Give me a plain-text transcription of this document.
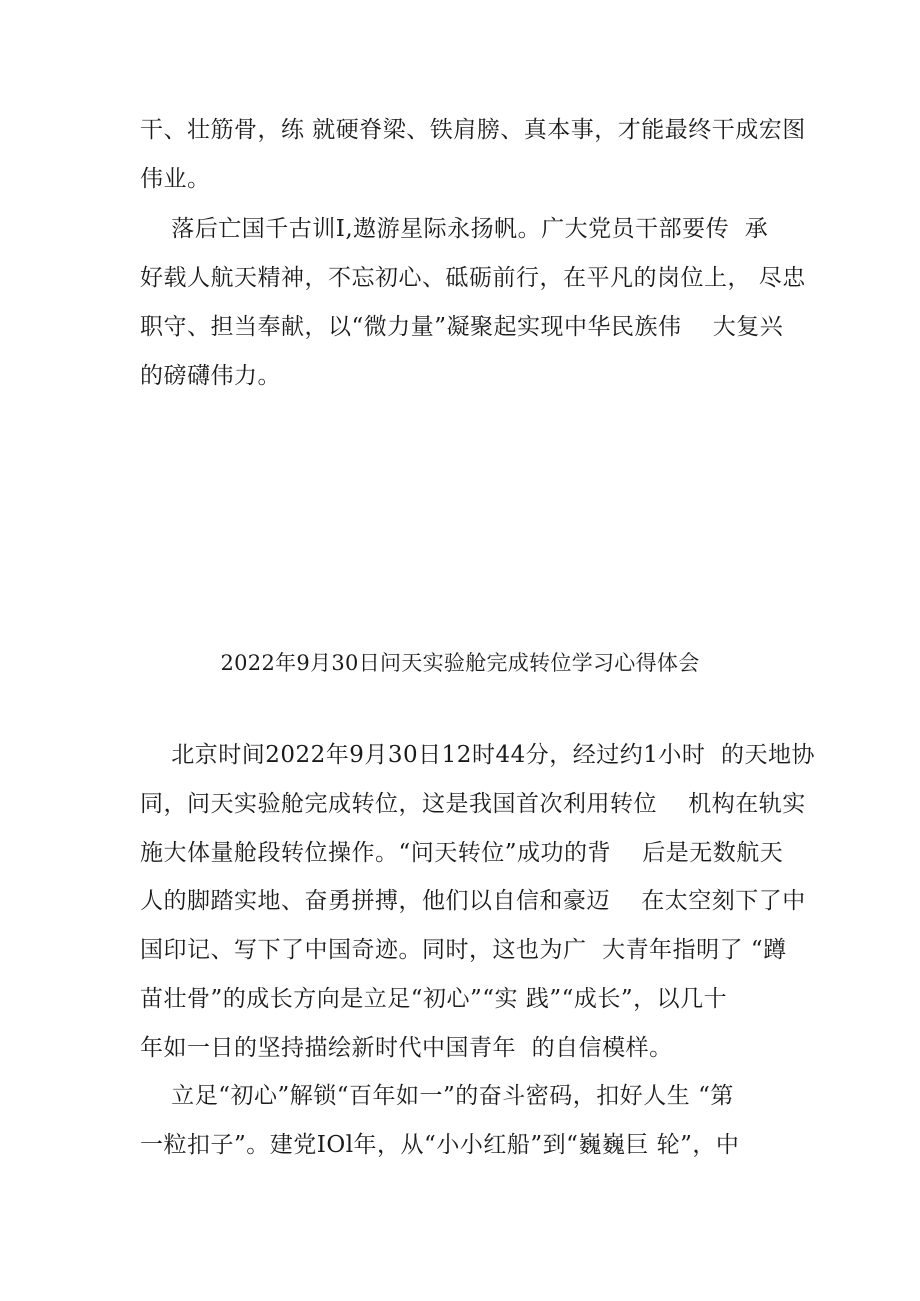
干、壮筋骨，练 就硬脊梁、铁肩膀、真本事，才能最终干成宏图
伟业。
落后亡国千古训I,遨游星际永扬帆。广大党员干部要传  承
好载人航天精神，不忘初心、砥砺前行，在平凡的岗位上， 尽忠
职守、担当奉献，以“微力量”凝聚起实现中华民族伟    大复兴
的磅礴伟力。
2022年9月30日问天实验舱完成转位学习心得体会
北京时间2022年9月30日12时44分，经过约1小时  的天地协
同，问天实验舱完成转位，这是我国首次利用转位    机构在轨实
施大体量舱段转位操作。“问天转位”成功的背    后是无数航天
人的脚踏实地、奋勇拼搏，他们以自信和豪迈    在太空刻下了中
国印记、写下了中国奇迹。同时，这也为广  大青年指明了 “蹲
苗壮骨”的成长方向是立足“初心”“实 践”“成长”，以几十
年如一日的坚持描绘新时代中国青年  的自信模样。
立足“初心”解锁“百年如一”的奋斗密码，扣好人生 “第
一粒扣子”。建党IOl年，从“小小红船”到“巍巍巨 轮”，中
